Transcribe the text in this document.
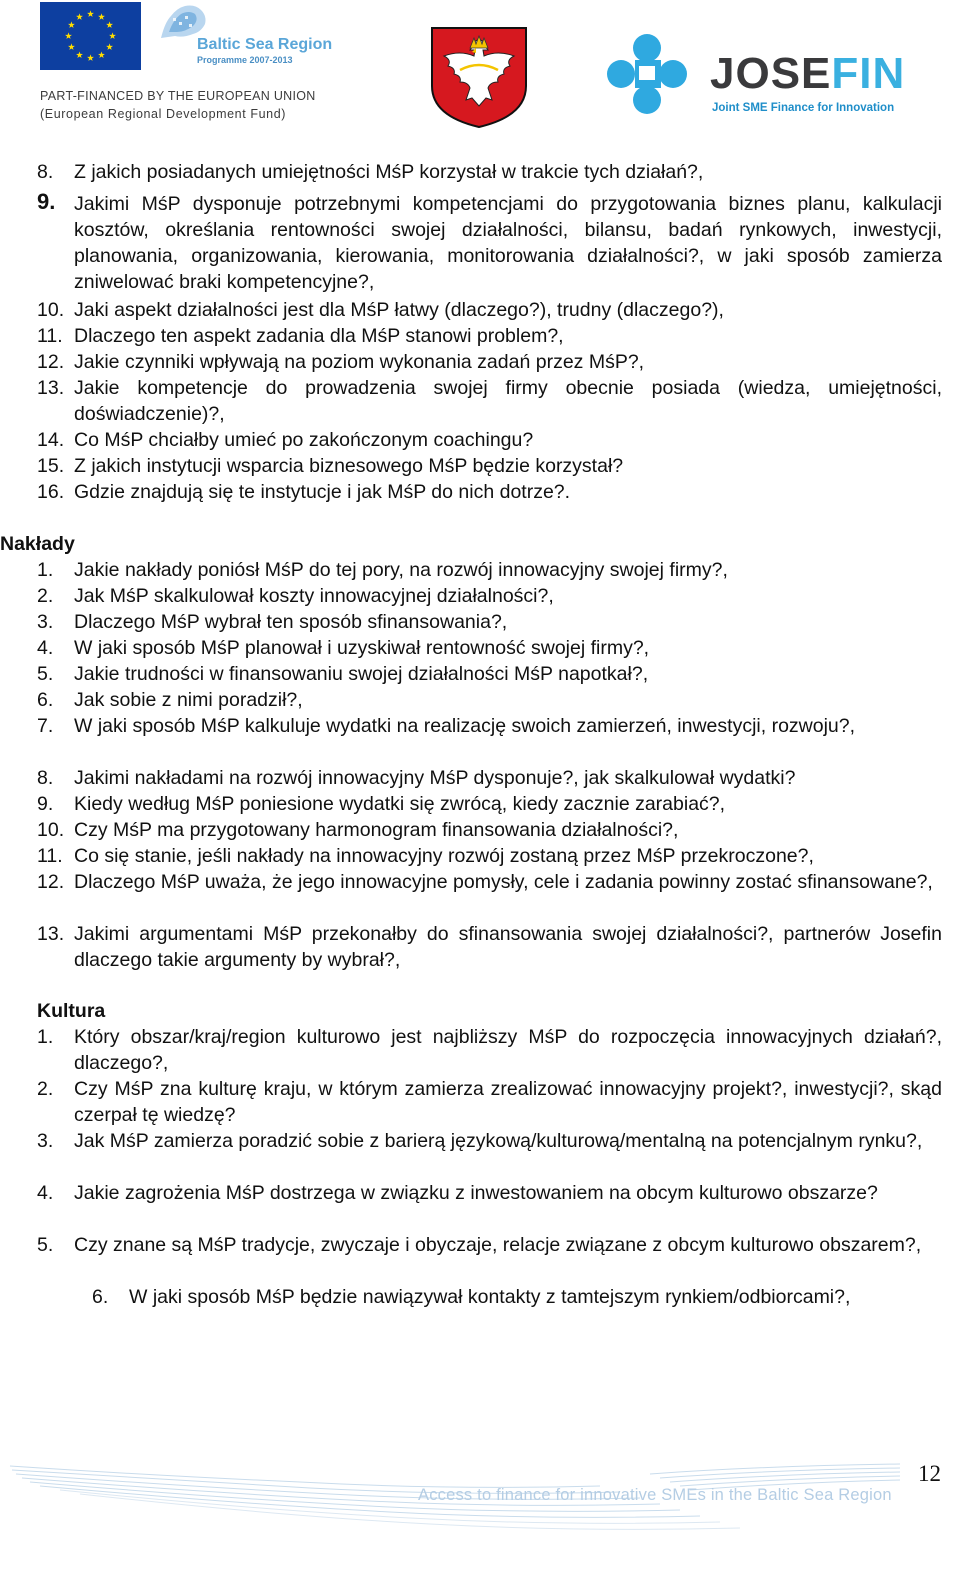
Baltic Sea Region
Programme 2007-2013
PART-FINANCED BY THE EUROPEAN UNION
(European Regional Development Fund)
JOSEFIN
Joint SME Finance for Innovation
8. Z jakich posiadanych umiejętności MśP korzystał w trakcie tych działań?,
9. Jakimi MśP dysponuje potrzebnymi kompetencjami do przygotowania biznes planu, kalkulacji kosztów, określania rentowności swojej działalności, bilansu, badań rynkowych, inwestycji, planowania, organizowania, kierowania, monitorowania działalności?, w jaki sposób zamierza zniwelować braki kompetencyjne?,
10. Jaki aspekt działalności jest dla MśP łatwy (dlaczego?), trudny (dlaczego?),
11. Dlaczego ten aspekt zadania dla MśP stanowi problem?,
12. Jakie czynniki wpływają na poziom wykonania zadań przez MśP?,
13. Jakie kompetencje do prowadzenia swojej firmy obecnie posiada (wiedza, umiejętności, doświadczenie)?,
14. Co MśP chciałby umieć po zakończonym coachingu?
15. Z jakich instytucji wsparcia biznesowego MśP będzie korzystał?
16. Gdzie znajdują się te instytucje i jak MśP do nich dotrze?.
Nakłady
1. Jakie nakłady poniósł MśP do tej pory, na rozwój innowacyjny swojej firmy?,
2. Jak MśP skalkulował koszty innowacyjnej działalności?,
3. Dlaczego MśP wybrał ten sposób sfinansowania?,
4. W jaki sposób MśP planował i uzyskiwał rentowność swojej firmy?,
5. Jakie trudności w finansowaniu swojej działalności MśP napotkał?,
6. Jak sobie z nimi poradził?,
7. W jaki sposób MśP kalkuluje wydatki na realizację swoich zamierzeń, inwestycji, rozwoju?,
8. Jakimi nakładami na rozwój innowacyjny MśP dysponuje?, jak skalkulował wydatki?
9. Kiedy według MśP poniesione wydatki się zwrócą, kiedy zacznie zarabiać?,
10. Czy MśP ma przygotowany harmonogram finansowania działalności?,
11. Co się stanie, jeśli nakłady na innowacyjny rozwój zostaną przez MśP przekroczone?,
12. Dlaczego MśP uważa, że jego innowacyjne pomysły, cele i zadania powinny zostać sfinansowane?,
13. Jakimi argumentami MśP przekonałby do sfinansowania swojej działalności?, partnerów Josefin dlaczego takie argumenty by wybrał?,
Kultura
1. Który obszar/kraj/region kulturowo jest najbliższy MśP do rozpoczęcia innowacyjnych działań?, dlaczego?,
2. Czy MśP zna kulturę kraju, w którym zamierza zrealizować innowacyjny projekt?, inwestycji?, skąd czerpał tę wiedzę?
3. Jak MśP zamierza poradzić sobie z barierą językową/kulturową/mentalną na potencjalnym rynku?,
4. Jakie zagrożenia MśP dostrzega w związku z inwestowaniem na obcym kulturowo obszarze?
5. Czy znane są MśP tradycje, zwyczaje i obyczaje, relacje związane z obcym kulturowo obszarem?,
6. W jaki sposób MśP będzie nawiązywał kontakty z tamtejszym rynkiem/odbiorcami?,
Access to finance for innovative SMEs in the Baltic Sea Region
12
